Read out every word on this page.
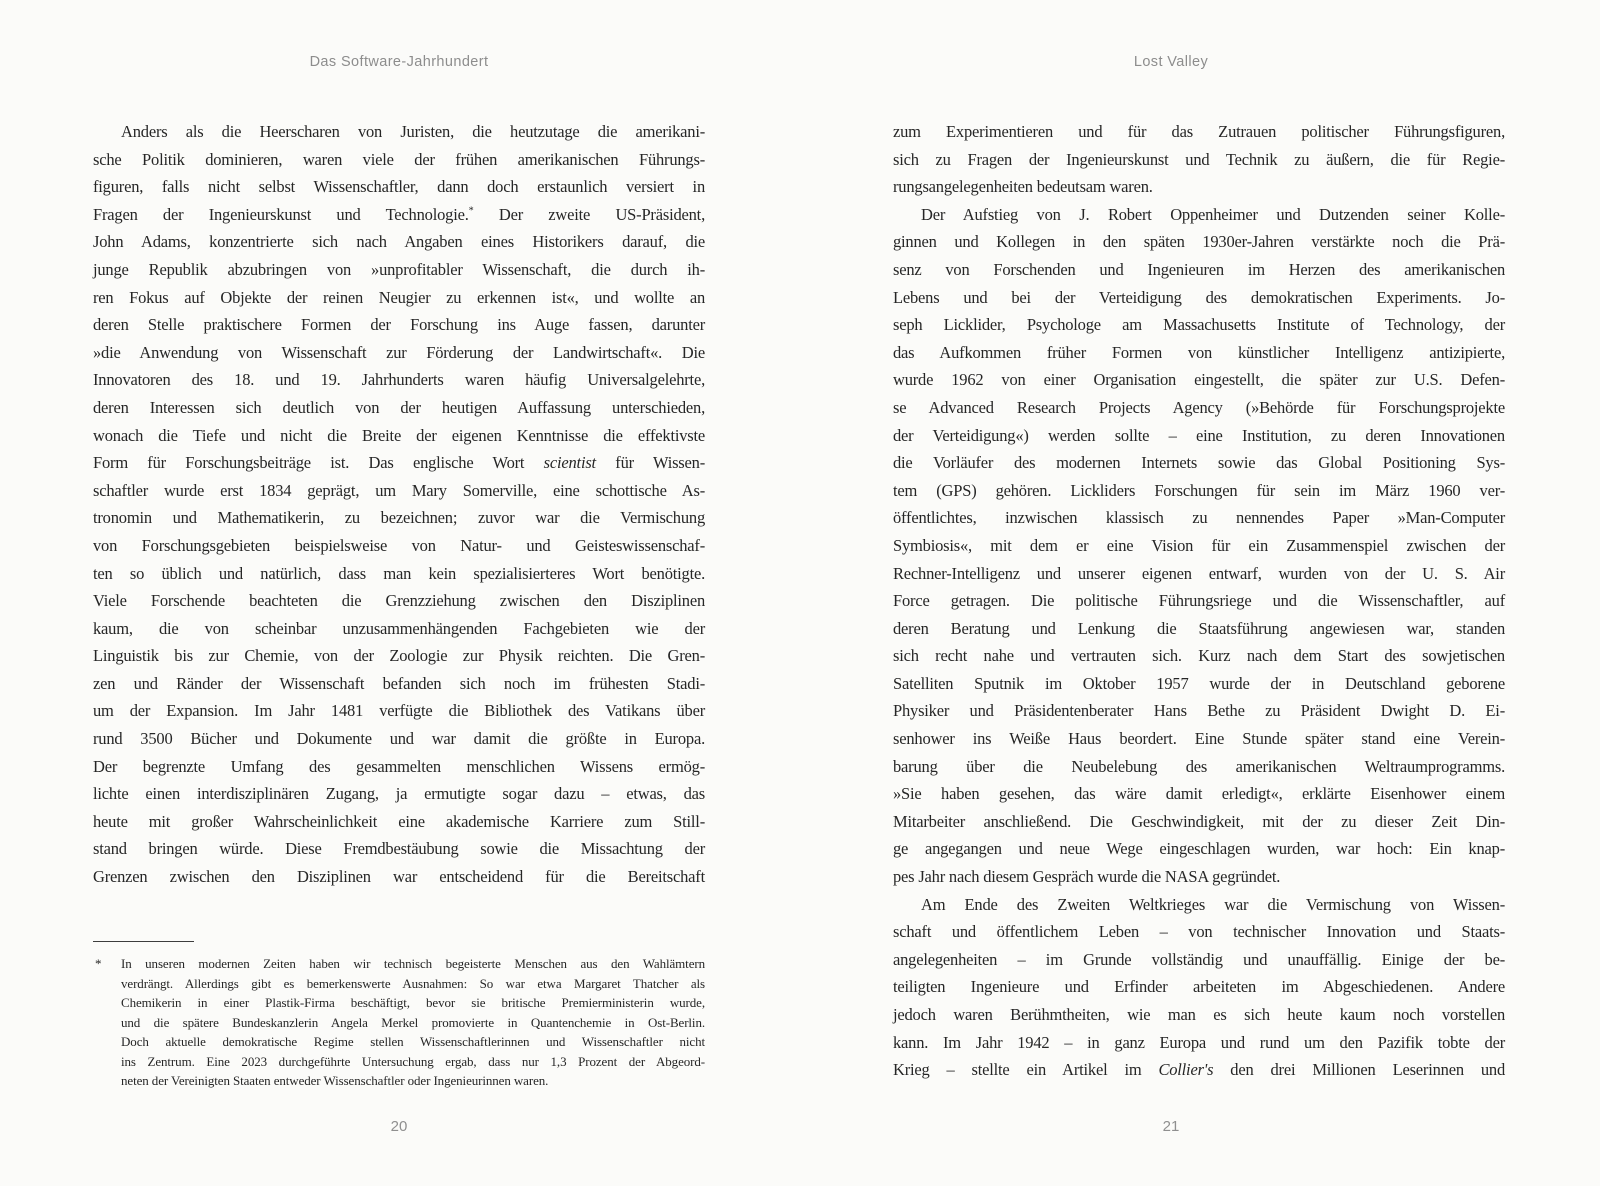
Das Software-Jahrhundert
Anders als die Heerscharen von Juristen, die heutzutage die amerikani-
sche Politik dominieren, waren viele der frühen amerikanischen Führungs-
figuren, falls nicht selbst Wissenschaftler, dann doch erstaunlich versiert in
Fragen der Ingenieurskunst und Technologie.* Der zweite US-Präsident,
John Adams, konzentrierte sich nach Angaben eines Historikers darauf, die
junge Republik abzubringen von »unprofitabler Wissenschaft, die durch ih-
ren Fokus auf Objekte der reinen Neugier zu erkennen ist«, und wollte an
deren Stelle praktischere Formen der Forschung ins Auge fassen, darunter
»die Anwendung von Wissenschaft zur Förderung der Landwirtschaft«. Die
Innovatoren des 18. und 19. Jahrhunderts waren häufig Universalgelehrte,
deren Interessen sich deutlich von der heutigen Auffassung unterschieden,
wonach die Tiefe und nicht die Breite der eigenen Kenntnisse die effektivste
Form für Forschungsbeiträge ist. Das englische Wort scientist für Wissen-
schaftler wurde erst 1834 geprägt, um Mary Somerville, eine schottische As-
tronomin und Mathematikerin, zu bezeichnen; zuvor war die Vermischung
von Forschungsgebieten beispielsweise von Natur- und Geisteswissenschaf-
ten so üblich und natürlich, dass man kein spezialisierteres Wort benötigte.
Viele Forschende beachteten die Grenzziehung zwischen den Disziplinen
kaum, die von scheinbar unzusammenhängenden Fachgebieten wie der
Linguistik bis zur Chemie, von der Zoologie zur Physik reichten. Die Gren-
zen und Ränder der Wissenschaft befanden sich noch im frühesten Stadi-
um der Expansion. Im Jahr 1481 verfügte die Bibliothek des Vatikans über
rund 3500 Bücher und Dokumente und war damit die größte in Europa.
Der begrenzte Umfang des gesammelten menschlichen Wissens ermög-
lichte einen interdisziplinären Zugang, ja ermutigte sogar dazu – etwas, das
heute mit großer Wahrscheinlichkeit eine akademische Karriere zum Still-
stand bringen würde. Diese Fremdbestäubung sowie die Missachtung der
Grenzen zwischen den Disziplinen war entscheidend für die Bereitschaft
*	In unseren modernen Zeiten haben wir technisch begeisterte Menschen aus den Wahlämtern
verdrängt. Allerdings gibt es bemerkenswerte Ausnahmen: So war etwa Margaret Thatcher als
Chemikerin in einer Plastik-Firma beschäftigt, bevor sie britische Premierministerin wurde,
und die spätere Bundeskanzlerin Angela Merkel promovierte in Quantenchemie in Ost-Berlin.
Doch aktuelle demokratische Regime stellen Wissenschaftlerinnen und Wissenschaftler nicht
ins Zentrum. Eine 2023 durchgeführte Untersuchung ergab, dass nur 1,3 Prozent der Abgeord-
neten der Vereinigten Staaten entweder Wissenschaftler oder Ingenieurinnen waren.
20
Lost Valley
zum Experimentieren und für das Zutrauen politischer Führungsfiguren,
sich zu Fragen der Ingenieurskunst und Technik zu äußern, die für Regie-
rungsangelegenheiten bedeutsam waren.
Der Aufstieg von J. Robert Oppenheimer und Dutzenden seiner Kolle-
ginnen und Kollegen in den späten 1930er-Jahren verstärkte noch die Prä-
senz von Forschenden und Ingenieuren im Herzen des amerikanischen
Lebens und bei der Verteidigung des demokratischen Experiments. Jo-
seph Licklider, Psychologe am Massachusetts Institute of Technology, der
das Aufkommen früher Formen von künstlicher Intelligenz antizipierte,
wurde 1962 von einer Organisation eingestellt, die später zur U.S. Defen-
se Advanced Research Projects Agency (»Behörde für Forschungsprojekte
der Verteidigung«) werden sollte – eine Institution, zu deren Innovationen
die Vorläufer des modernen Internets sowie das Global Positioning Sys-
tem (GPS) gehören. Lickliders Forschungen für sein im März 1960 ver-
öffentlichtes, inzwischen klassisch zu nennendes Paper »Man-Computer
Symbiosis«, mit dem er eine Vision für ein Zusammenspiel zwischen der
Rechner-Intelligenz und unserer eigenen entwarf, wurden von der U. S. Air
Force getragen. Die politische Führungsriege und die Wissenschaftler, auf
deren Beratung und Lenkung die Staatsführung angewiesen war, standen
sich recht nahe und vertrauten sich. Kurz nach dem Start des sowjetischen
Satelliten Sputnik im Oktober 1957 wurde der in Deutschland geborene
Physiker und Präsidentenberater Hans Bethe zu Präsident Dwight D. Ei-
senhower ins Weiße Haus beordert. Eine Stunde später stand eine Verein-
barung über die Neubelebung des amerikanischen Weltraumprogramms.
»Sie haben gesehen, das wäre damit erledigt«, erklärte Eisenhower einem
Mitarbeiter anschließend. Die Geschwindigkeit, mit der zu dieser Zeit Din-
ge angegangen und neue Wege eingeschlagen wurden, war hoch: Ein knap-
pes Jahr nach diesem Gespräch wurde die NASA gegründet.
Am Ende des Zweiten Weltkrieges war die Vermischung von Wissen-
schaft und öffentlichem Leben – von technischer Innovation und Staats-
angelegenheiten – im Grunde vollständig und unauffällig. Einige der be-
teiligten Ingenieure und Erfinder arbeiteten im Abgeschiedenen. Andere
jedoch waren Berühmtheiten, wie man es sich heute kaum noch vorstellen
kann. Im Jahr 1942 – in ganz Europa und rund um den Pazifik tobte der
Krieg – stellte ein Artikel im Collier's den drei Millionen Leserinnen und
21
